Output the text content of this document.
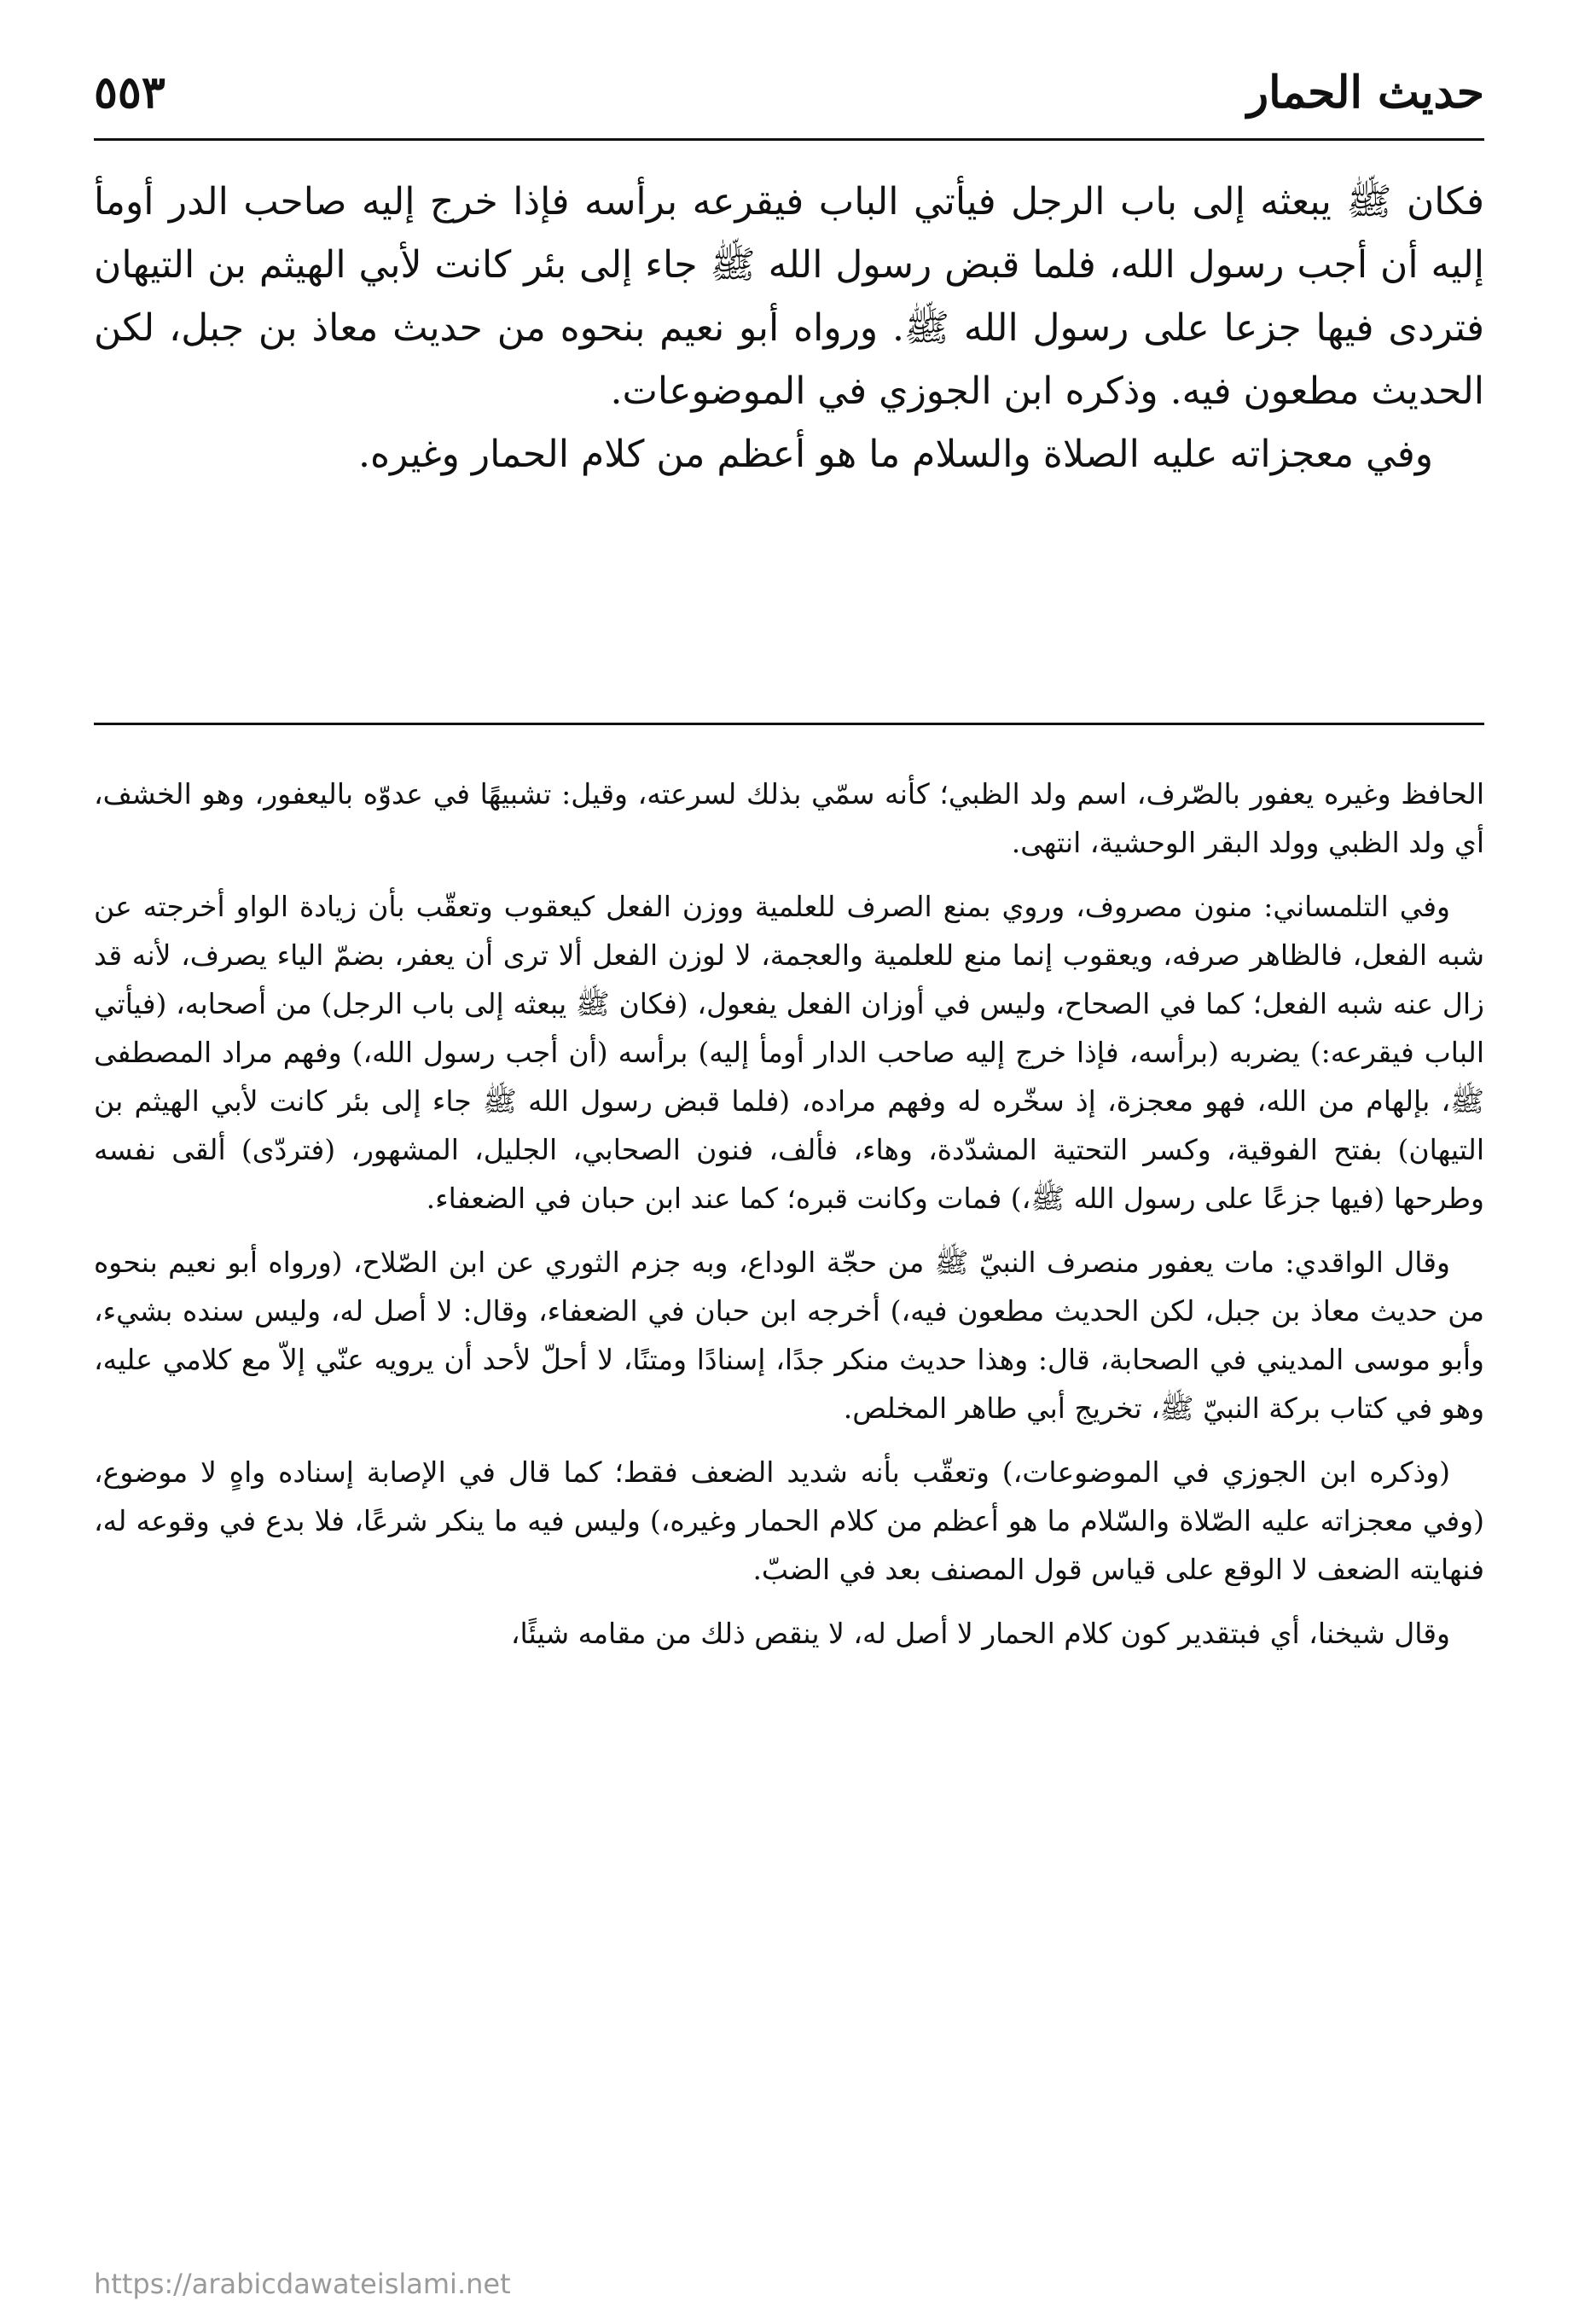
حديث الحمار
٥٥٣

فكان ﷺ يبعثه إلى باب الرجل فيأتي الباب فيقرعه برأسه فإذا خرج إليه صاحب الدر أومأ إليه أن أجب رسول الله، فلما قبض رسول الله ﷺ جاء إلى بئر كانت لأبي الهيثم بن التيهان فتردى فيها جزعا على رسول الله ﷺ. ورواه أبو نعيم بنحوه من حديث معاذ بن جبل، لكن الحديث مطعون فيه. وذكره ابن الجوزي في الموضوعات.

وفي معجزاته عليه الصلاة والسلام ما هو أعظم من كلام الحمار وغيره.

الحافظ وغيره يعفور بالصّرف، اسم ولد الظبي؛ كأنه سمّي بذلك لسرعته، وقيل: تشبيهًا في عدوّه باليعفور، وهو الخشف، أي ولد الظبي وولد البقر الوحشية، انتهى.

وفي التلمساني: منون مصروف، وروي بمنع الصرف للعلمية ووزن الفعل كيعقوب وتعقّب بأن زيادة الواو أخرجته عن شبه الفعل، فالظاهر صرفه، ويعقوب إنما منع للعلمية والعجمة، لا لوزن الفعل ألا ترى أن يعفر، بضمّ الياء يصرف، لأنه قد زال عنه شبه الفعل؛ كما في الصحاح، وليس في أوزان الفعل يفعول، (فكان ﷺ يبعثه إلى باب الرجل) من أصحابه، (فيأتي الباب فيقرعه:) يضربه (برأسه، فإذا خرج إليه صاحب الدار أومأ إليه) برأسه (أن أجب رسول الله،) وفهم مراد المصطفى ﷺ، بإلهام من الله، فهو معجزة، إذ سخّره له وفهم مراده، (فلما قبض رسول الله ﷺ جاء إلى بئر كانت لأبي الهيثم بن التيهان) بفتح الفوقية، وكسر التحتية المشدّدة، وهاء، فألف، فنون الصحابي، الجليل، المشهور، (فتردّى) ألقى نفسه وطرحها (فيها جزعًا على رسول الله ﷺ،) فمات وكانت قبره؛ كما عند ابن حبان في الضعفاء.

وقال الواقدي: مات يعفور منصرف النبيّ ﷺ من حجّة الوداع، وبه جزم الثوري عن ابن الصّلاح، (ورواه أبو نعيم بنحوه من حديث معاذ بن جبل، لكن الحديث مطعون فيه،) أخرجه ابن حبان في الضعفاء، وقال: لا أصل له، وليس سنده بشيء، وأبو موسى المديني في الصحابة، قال: وهذا حديث منكر جدًا، إسنادًا ومتنًا، لا أحلّ لأحد أن يرويه عنّي إلاّ مع كلامي عليه، وهو في كتاب بركة النبيّ ﷺ، تخريج أبي طاهر المخلص.

(وذكره ابن الجوزي في الموضوعات،) وتعقّب بأنه شديد الضعف فقط؛ كما قال في الإصابة إسناده واهٍ لا موضوع، (وفي معجزاته عليه الصّلاة والسّلام ما هو أعظم من كلام الحمار وغيره،) وليس فيه ما ينكر شرعًا، فلا بدع في وقوعه له، فنهايته الضعف لا الوقع على قياس قول المصنف بعد في الضبّ.

وقال شيخنا، أي فبتقدير كون كلام الحمار لا أصل له، لا ينقص ذلك من مقامه شيئًا،

https://arabicdawateislami.net
